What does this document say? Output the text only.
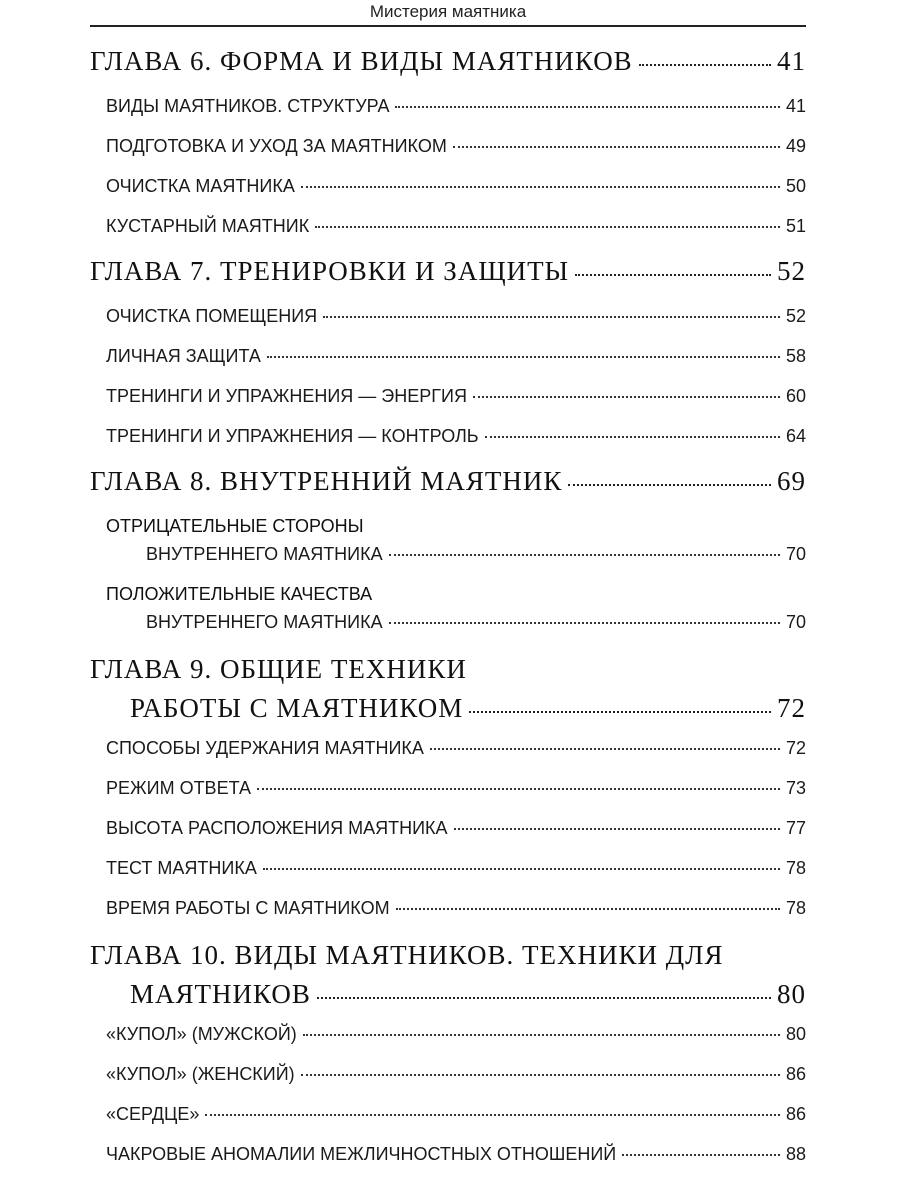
Мистерия маятника
ГЛАВА 6. ФОРМА И ВИДЫ МАЯТНИКОВ	41
ВИДЫ МАЯТНИКОВ. СТРУКТУРА	41
ПОДГОТОВКА И УХОД ЗА МАЯТНИКОМ	49
ОЧИСТКА МАЯТНИКА	50
КУСТАРНЫЙ МАЯТНИК	51
ГЛАВА 7. ТРЕНИРОВКИ И ЗАЩИТЫ	52
ОЧИСТКА ПОМЕЩЕНИЯ	52
ЛИЧНАЯ ЗАЩИТА	58
ТРЕНИНГИ И УПРАЖНЕНИЯ — ЭНЕРГИЯ	60
ТРЕНИНГИ И УПРАЖНЕНИЯ — КОНТРОЛЬ	64
ГЛАВА 8. ВНУТРЕННИЙ МАЯТНИК	69
ОТРИЦАТЕЛЬНЫЕ СТОРОНЫ
ВНУТРЕННЕГО МАЯТНИКА	70
ПОЛОЖИТЕЛЬНЫЕ КАЧЕСТВА
ВНУТРЕННЕГО МАЯТНИКА	70
ГЛАВА 9. ОБЩИЕ ТЕХНИКИ
РАБОТЫ С МАЯТНИКОМ	72
СПОСОБЫ УДЕРЖАНИЯ МАЯТНИКА	72
РЕЖИМ ОТВЕТА	73
ВЫСОТА РАСПОЛОЖЕНИЯ МАЯТНИКА	77
ТЕСТ МАЯТНИКА	78
ВРЕМЯ РАБОТЫ С МАЯТНИКОМ	78
ГЛАВА 10. ВИДЫ МАЯТНИКОВ. ТЕХНИКИ ДЛЯ
МАЯТНИКОВ	80
«КУПОЛ» (МУЖСКОЙ)	80
«КУПОЛ» (ЖЕНСКИЙ)	86
«СЕРДЦЕ»	86
ЧАКРОВЫЕ АНОМАЛИИ МЕЖЛИЧНОСТНЫХ ОТНОШЕНИЙ	88
